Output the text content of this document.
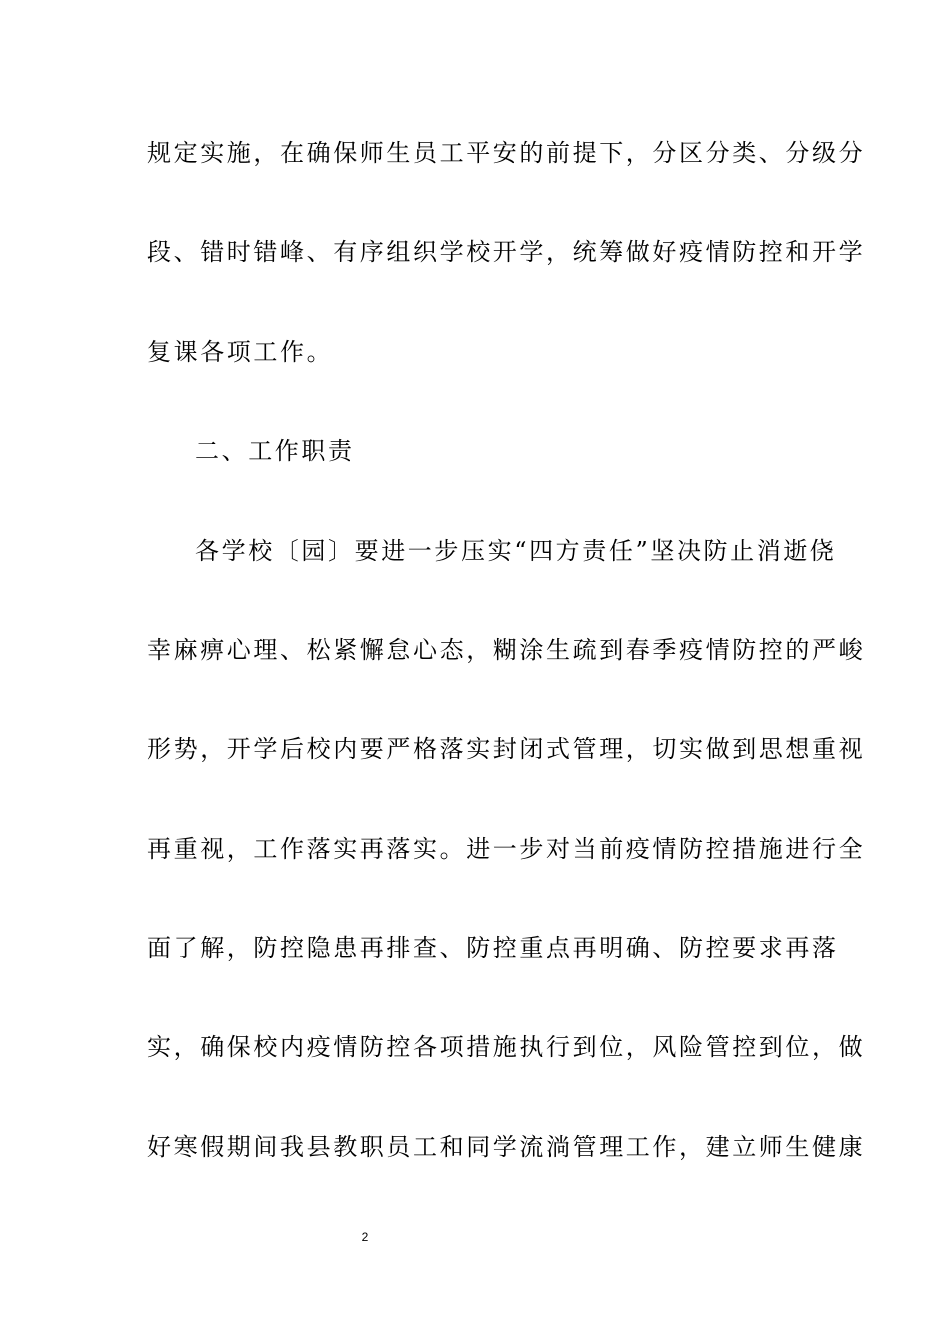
规定实施，在确保师生员工平安的前提下，分区分类、分级分
段、错时错峰、有序组织学校开学，统筹做好疫情防控和开学
复课各项工作。
二、工作职责
各学校〔园〕要进一步压实“四方责任”坚决防止消逝侥
幸麻痹心理、松紧懈怠心态，糊涂生疏到春季疫情防控的严峻
形势，开学后校内要严格落实封闭式管理，切实做到思想重视
再重视，工作落实再落实。进一步对当前疫情防控措施进行全
面了解，防控隐患再排查、防控重点再明确、防控要求再落
实，确保校内疫情防控各项措施执行到位，风险管控到位，做
好寒假期间我县教职员工和同学流淌管理工作，建立师生健康
2
